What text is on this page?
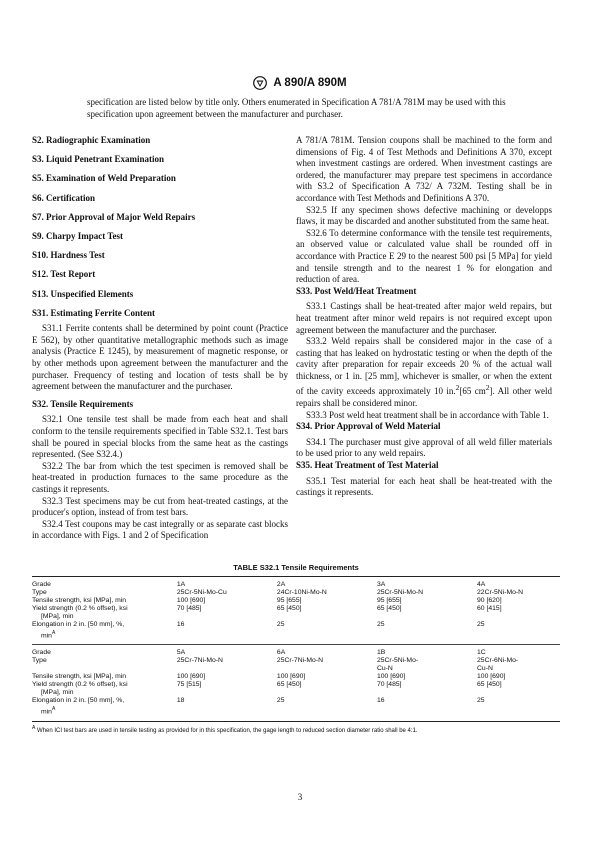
A 890/A 890M

specification are listed below by title only. Others enumerated in Specification A 781/A 781M may be used with this specification upon agreement between the manufacturer and purchaser.

S2. Radiographic Examination
S3. Liquid Penetrant Examination
S5. Examination of Weld Preparation
S6. Certification
S7. Prior Approval of Major Weld Repairs
S9. Charpy Impact Test
S10. Hardness Test
S12. Test Report
S13. Unspecified Elements
S31. Estimating Ferrite Content

S31.1 Ferrite contents shall be determined by point count (Practice E 562), by other quantitative metallographic methods such as image analysis (Practice E 1245), by measurement of magnetic response, or by other methods upon agreement between the manufacturer and the purchaser. Frequency of testing and location of tests shall be by agreement between the manufacturer and the purchaser.

S32. Tensile Requirements

S32.1 One tensile test shall be made from each heat and shall conform to the tensile requirements specified in Table S32.1. Test bars shall be poured in special blocks from the same heat as the castings represented. (See S32.4.)

S32.2 The bar from which the test specimen is removed shall be heat-treated in production furnaces to the same procedure as the castings it represents.

S32.3 Test specimens may be cut from heat-treated castings, at the producer's option, instead of from test bars.

S32.4 Test coupons may be cast integrally or as separate cast blocks in accordance with Figs. 1 and 2 of Specification

A 781/A 781M. Tension coupons shall be machined to the form and dimensions of Fig. 4 of Test Methods and Definitions A 370, except when investment castings are ordered. When investment castings are ordered, the manufacturer may prepare test specimens in accordance with S3.2 of Specification A 732/ A 732M. Testing shall be in accordance with Test Methods and Definitions A 370.

S32.5 If any specimen shows defective machining or developps flaws, it may be discarded and another substituted from the same heat.

S32.6 To determine conformance with the tensile test requirements, an observed value or calculated value shall be rounded off in accordance with Practice E 29 to the nearest 500 psi [5 MPa] for yield and tensile strength and to the nearest 1 % for elongation and reduction of area.

S33. Post Weld/Heat Treatment

S33.1 Castings shall be heat-treated after major weld repairs, but heat treatment after minor weld repairs is not required except upon agreement between the manufacturer and the purchaser.

S33.2 Weld repairs shall be considered major in the case of a casting that has leaked on hydrostatic testing or when the depth of the cavity after preparation for repair exceeds 20 % of the actual wall thickness, or 1 in. [25 mm], whichever is smaller, or when the extent of the cavity exceeds approximately 10 in.$^2$[65 $cm^2$]. All other weld repairs shall be considered minor.

S33.3 Post weld heat treatment shall be in accordance with Table 1.

S34. Prior Approval of Weld Material

S34.1 The purchaser must give approval of all weld filler materials to be used prior to any weld repairs.

S35. Heat Treatment of Test Material

S35.1 Test material for each heat shall be heat-treated with the castings it represents.

TABLE S32.1 Tensile Requirements

Grade	1A		2A		3A		4A
Type	25Cr-5Ni-Mo-Cu		24Cr-10Ni-Mo-N		25Cr-5Ni-Mo-N		22Cr-5Ni-Mo-N
Tensile strength, ksi [MPa], min	100 [690]		95 [655]		95 [655]		90 [620]
Yield strength (0.2 % offset), ksi	70 [485]		65 [450]		65 [450]		60 [415]
[MPa], min							
Elongation in 2 in. [50 mm], %,	16		25		25		25
$\min^A$							

Grade	5A		6A		1B		1C
Type	25Cr-7Ni-Mo-N		25Cr-7Ni-Mo-N		25Cr-5Ni-Mo-		25Cr-6Ni-Mo-
					Cu-N		Cu-N
Tensile strength, ksi [MPa], min	100 [690]		100 [690]		100 [690]		100 [690]
Yield strength (0.2 % offset), ksi	75 [515]		65 [450]		70 [485]		65 [450]
[MPa], min							
Elongation in 2 in. [50 mm], %,	18		25		16		25
$\min^A$							

$^A$ When ICI test bars are used in tensile testing as provided for in this specification, the gage length to reduced section diameter ratio shall be 4:1.
3
